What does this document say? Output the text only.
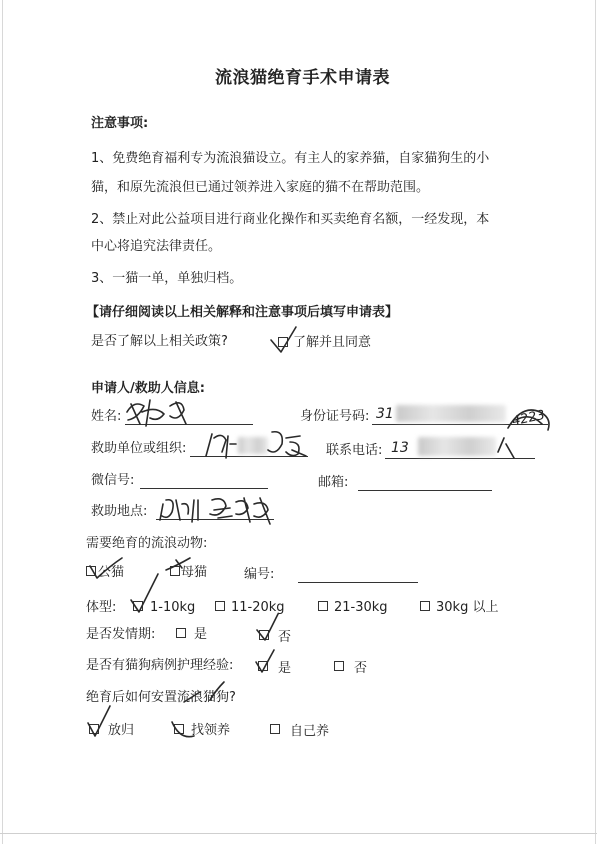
流浪猫绝育手术申请表
注意事项:
1、免费绝育福利专为流浪猫设立。有主人的家养猫，自家猫狗生的小
猫，和原先流浪但已通过领养进入家庭的猫不在帮助范围。
2、禁止对此公益项目进行商业化操作和买卖绝育名额，一经发现，本
中心将追究法律责任。
3、一猫一单，单独归档。
【请仔细阅读以上相关解释和注意事项后填写申请表】
是否了解以上相关政策?	了解并且同意
申请人/救助人信息:
姓名:	身份证号码: 31	4223
救助单位或组织:	联系电话: 13
微信号:	邮箱:
救助地点:
需要绝育的流浪动物:
公猫	母猫	编号:
体型:	1-10kg	11-20kg	21-30kg	30kg 以上
是否发情期:	是	否
是否有猫狗病例护理经验:	是	否
绝育后如何安置流浪猫狗?
放归	找领养	自己养
